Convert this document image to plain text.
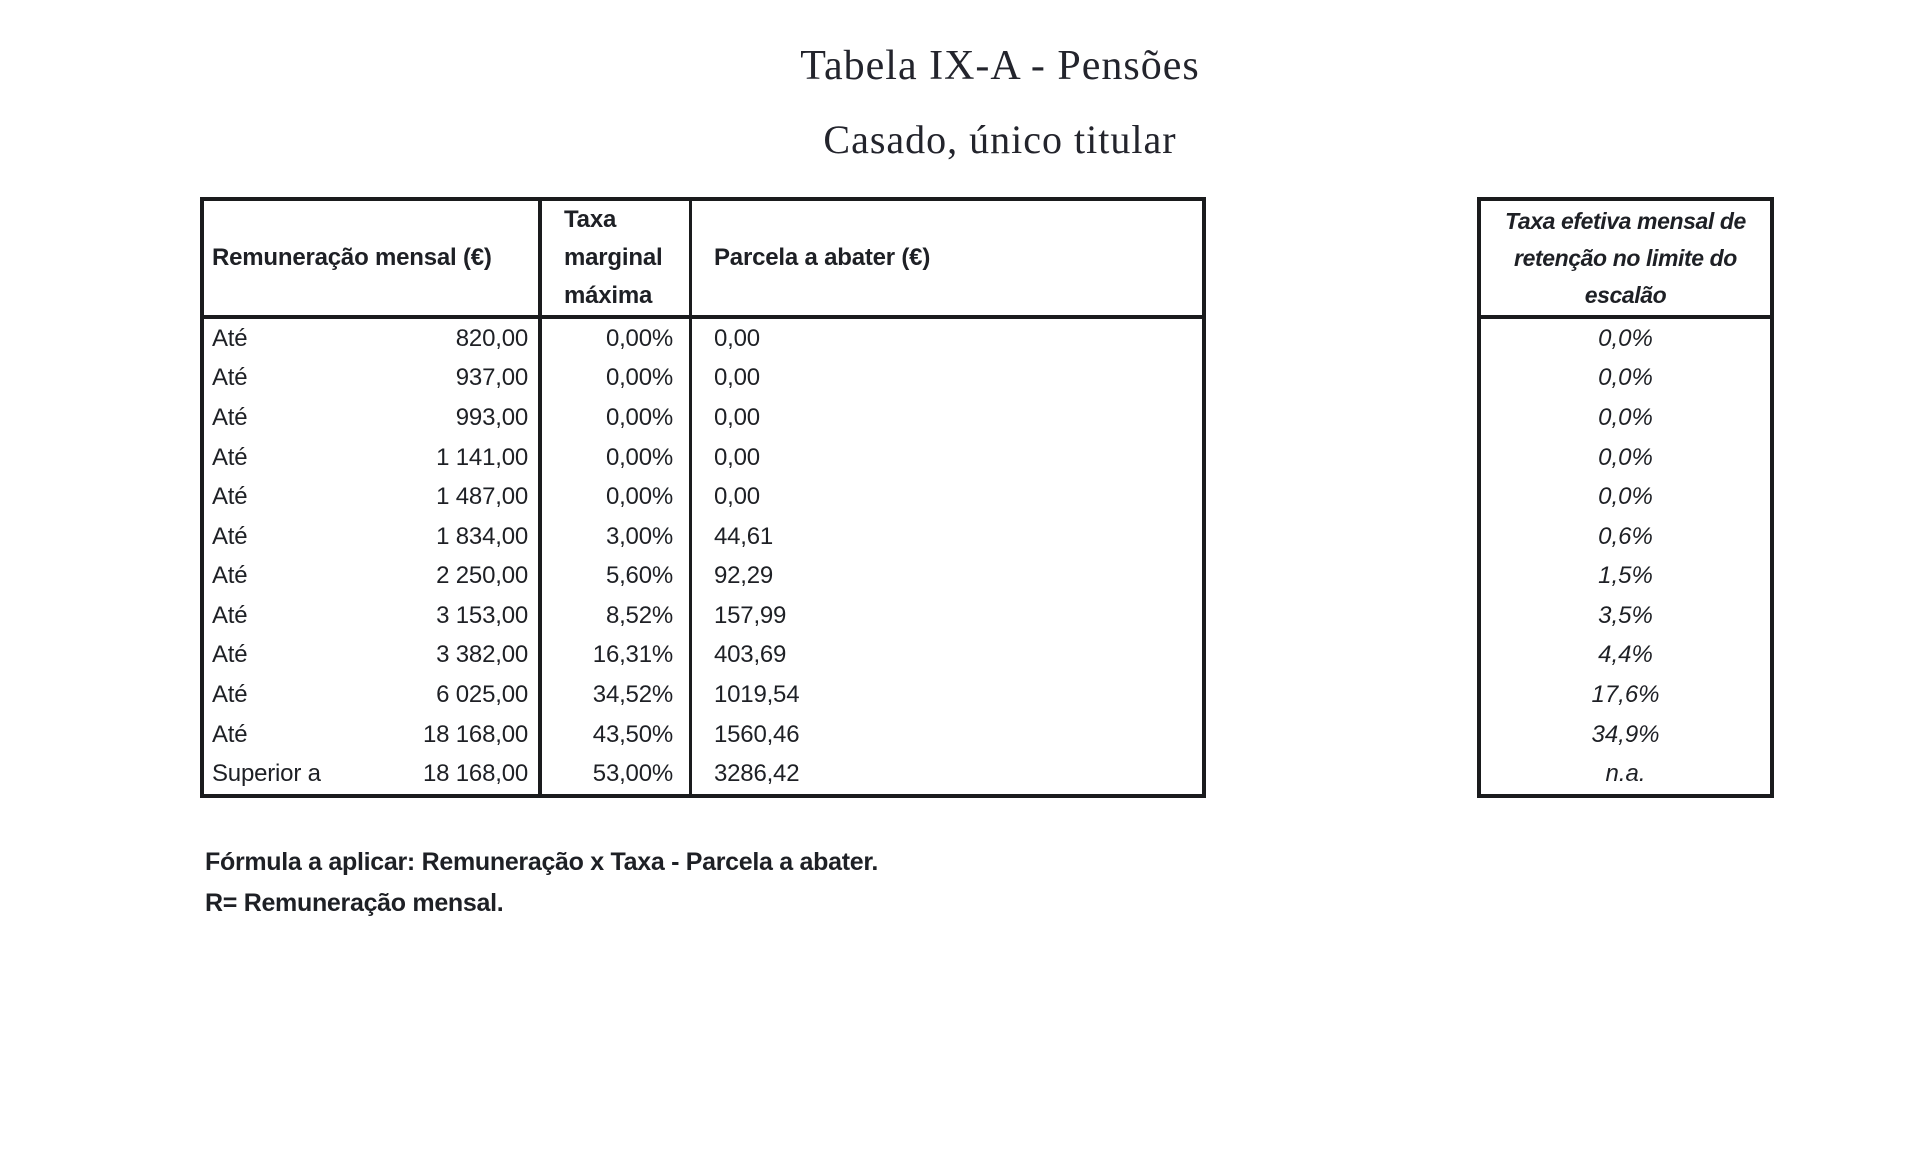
Tabela IX-A - Pensões
Casado, único titular
Remuneração mensal (€)
Taxa
marginal
máxima
Parcela a abater (€)
Até	820,00	0,00%	0,00
Até	937,00	0,00%	0,00
Até	993,00	0,00%	0,00
Até	1 141,00	0,00%	0,00
Até	1 487,00	0,00%	0,00
Até	1 834,00	3,00%	44,61
Até	2 250,00	5,60%	92,29
Até	3 153,00	8,52%	157,99
Até	3 382,00	16,31%	403,69
Até	6 025,00	34,52%	1019,54
Até	18 168,00	43,50%	1560,46
Superior a	18 168,00	53,00%	3286,42
Taxa efetiva mensal de
retenção no limite do
escalão
0,0%
0,0%
0,0%
0,0%
0,0%
0,6%
1,5%
3,5%
4,4%
17,6%
34,9%
n.a.
Fórmula a aplicar: Remuneração x Taxa - Parcela a abater.
R= Remuneração mensal.
